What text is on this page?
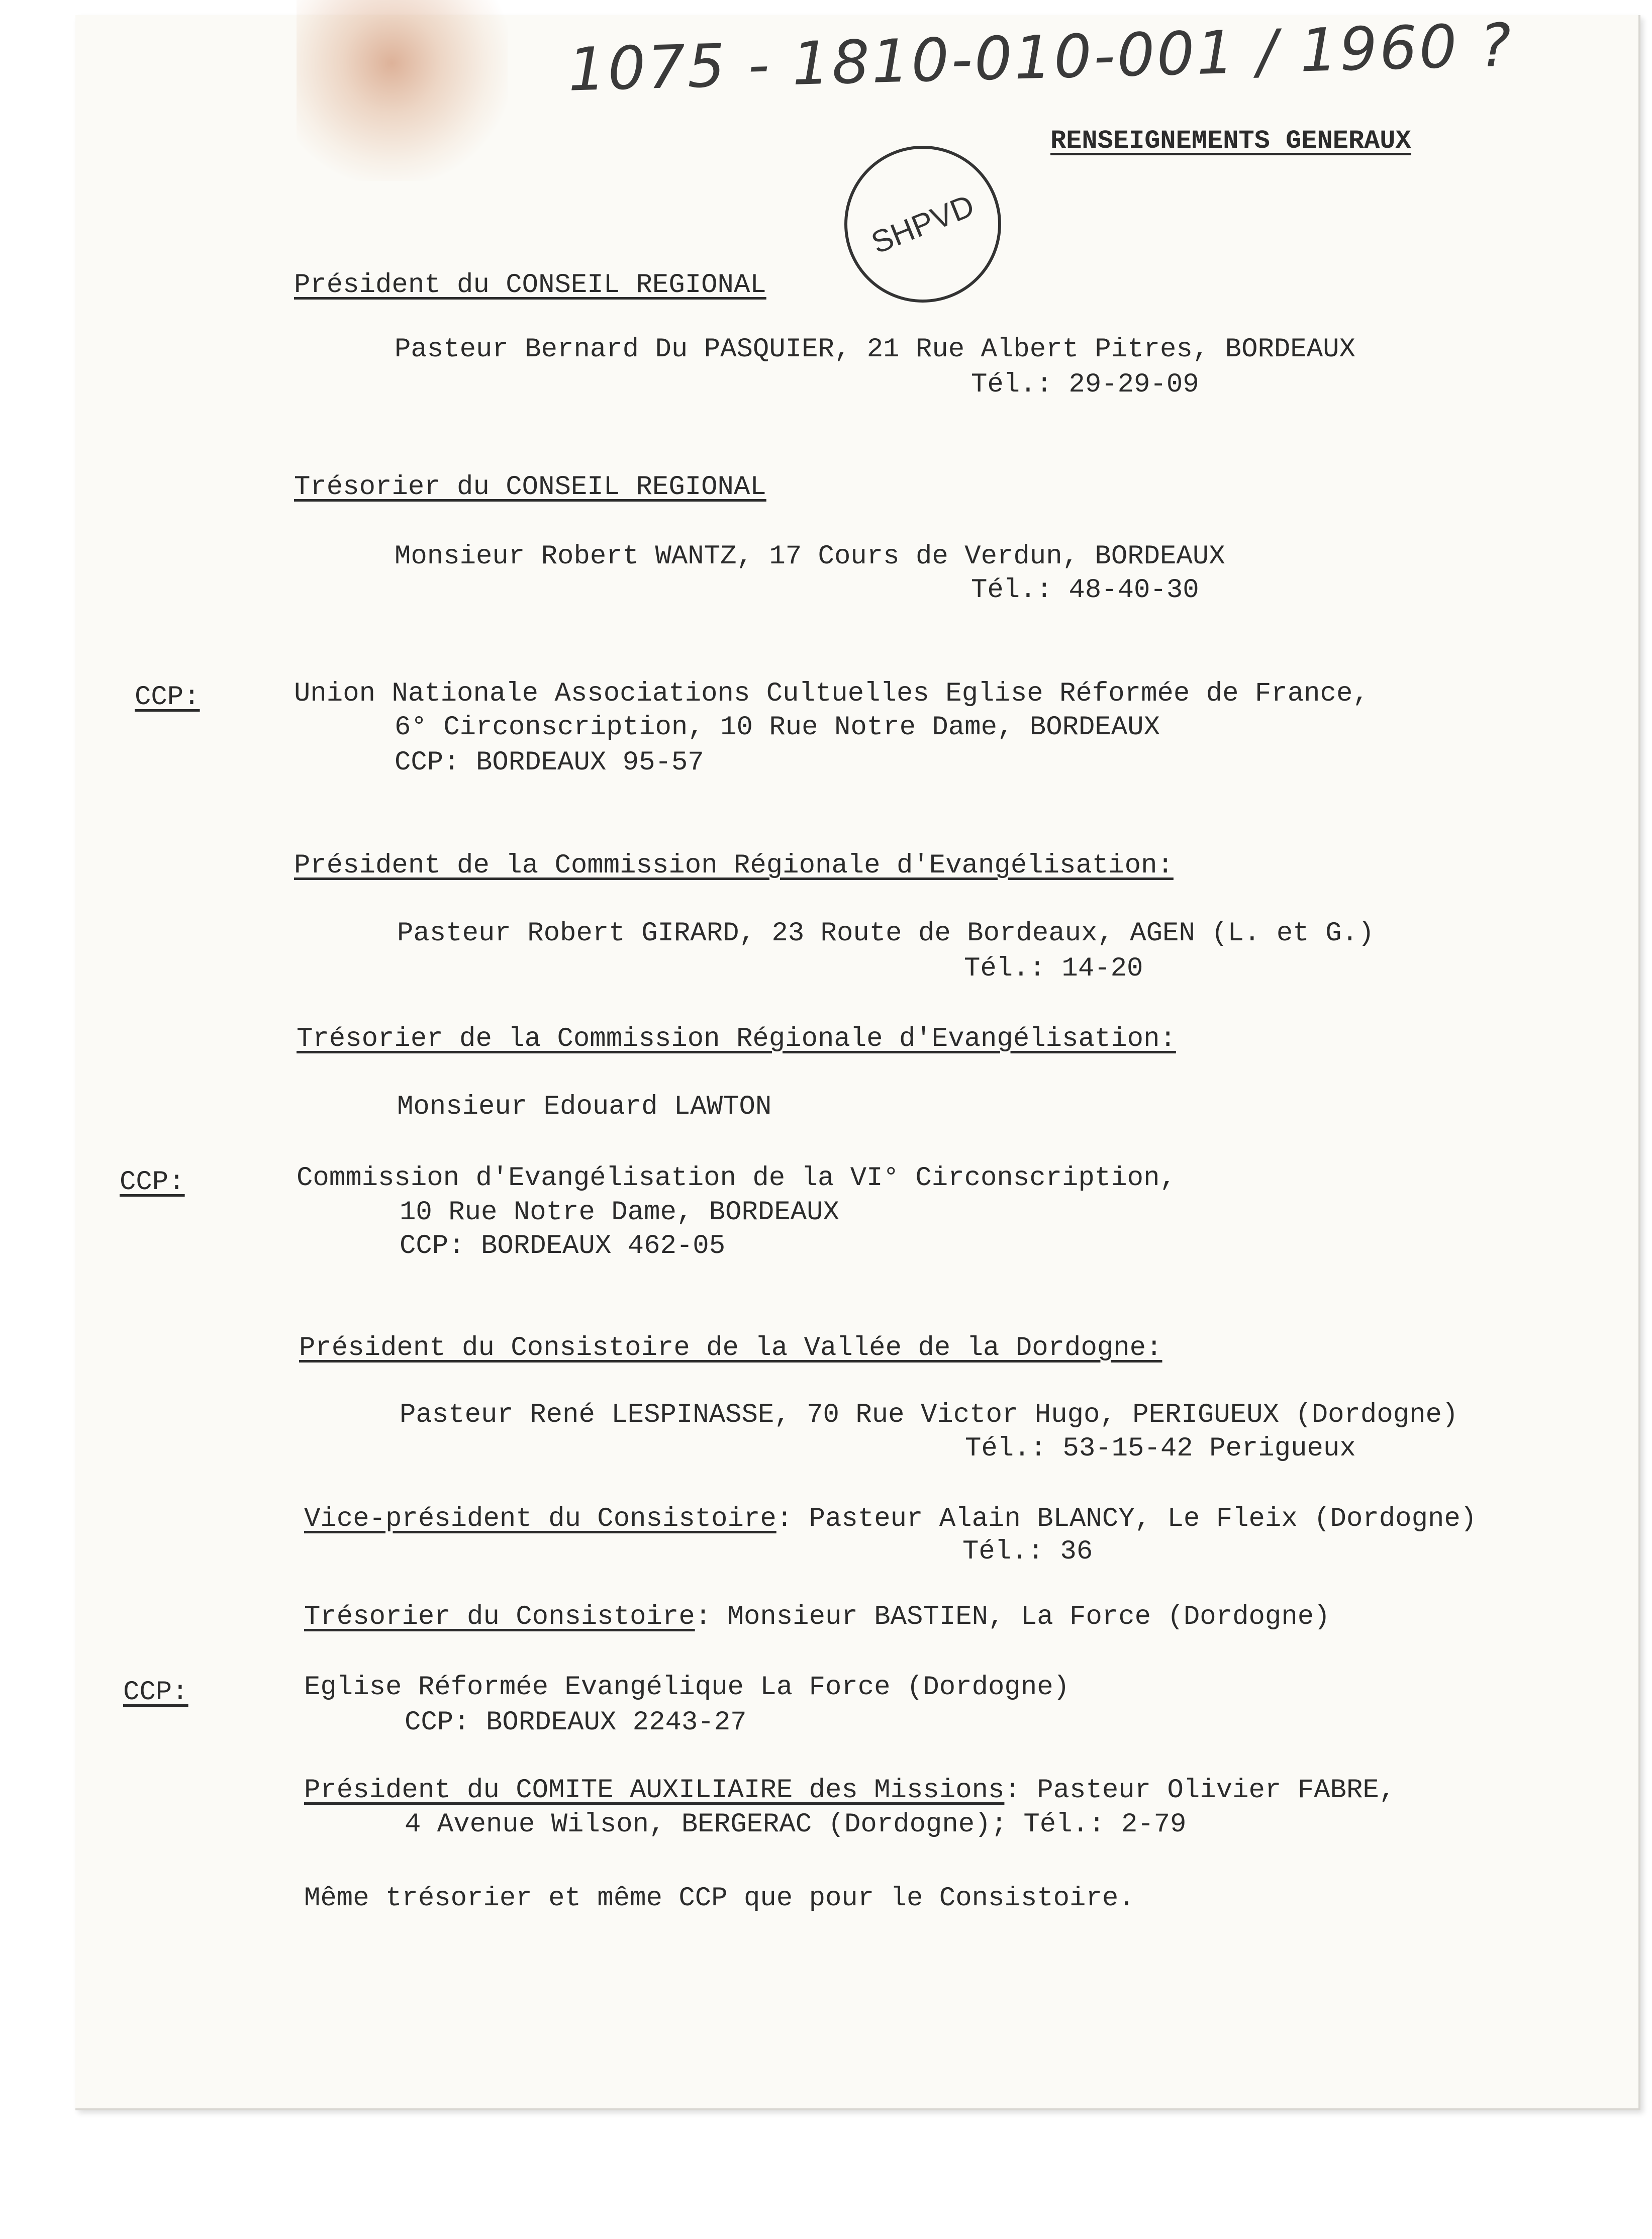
1075 - 1810-010-001 / 1960 ?
SHPVD
RENSEIGNEMENTS GENERAUX
Président du CONSEIL REGIONAL
Pasteur Bernard Du PASQUIER, 21 Rue Albert Pitres, BORDEAUX
Tél.: 29-29-09
Trésorier du CONSEIL REGIONAL
Monsieur Robert WANTZ, 17 Cours de Verdun, BORDEAUX
Tél.: 48-40-30
CCP:	Union Nationale Associations Cultuelles Eglise Réformée de France,
6° Circonscription, 10 Rue Notre Dame, BORDEAUX
CCP: BORDEAUX 95-57
Président de la Commission Régionale d'Evangélisation:
Pasteur Robert GIRARD, 23 Route de Bordeaux, AGEN (L. et G.)
Tél.: 14-20
Trésorier de la Commission Régionale d'Evangélisation:
Monsieur Edouard LAWTON
CCP:	Commission d'Evangélisation de la VI° Circonscription,
10 Rue Notre Dame, BORDEAUX
CCP: BORDEAUX 462-05
Président du Consistoire de la Vallée de la Dordogne:
Pasteur René LESPINASSE, 70 Rue Victor Hugo, PERIGUEUX (Dordogne)
Tél.: 53-15-42 Perigueux
Vice-président du Consistoire: Pasteur Alain BLANCY, Le Fleix (Dordogne)
Tél.: 36
Trésorier du Consistoire: Monsieur BASTIEN, La Force (Dordogne)
CCP:	Eglise Réformée Evangélique La Force (Dordogne)
CCP: BORDEAUX 2243-27
Président du COMITE AUXILIAIRE des Missions: Pasteur Olivier FABRE,
4 Avenue Wilson, BERGERAC (Dordogne); Tél.: 2-79
Même trésorier et même CCP que pour le Consistoire.
